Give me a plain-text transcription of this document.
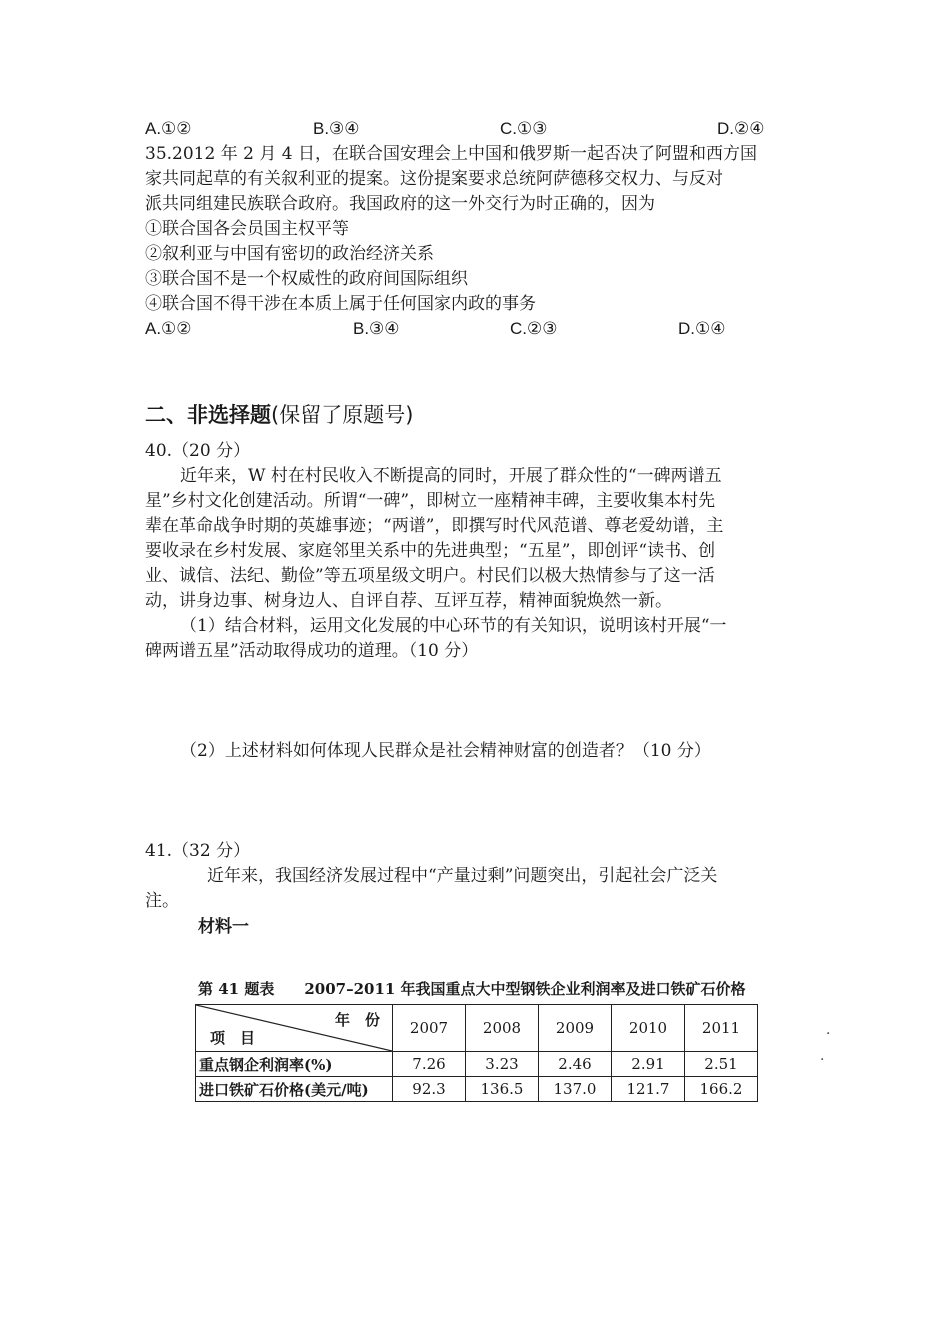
A.①②	B.③④	C.①③	D.②④
35.2012 年 2 月 4 日，在联合国安理会上中国和俄罗斯一起否决了阿盟和西方国
家共同起草的有关叙利亚的提案。这份提案要求总统阿萨德移交权力、与反对
派共同组建民族联合政府。我国政府的这一外交行为时正确的，因为
①联合国各会员国主权平等
②叙利亚与中国有密切的政治经济关系
③联合国不是一个权威性的政府间国际组织
④联合国不得干涉在本质上属于任何国家内政的事务
A.①②	B.③④	C.②③	D.①④
二、非选择题(保留了原题号)
40.（20 分）
近年来，W 村在村民收入不断提高的同时，开展了群众性的“一碑两谱五
星”乡村文化创建活动。所谓“一碑”，即树立一座精神丰碑，主要收集本村先
辈在革命战争时期的英雄事迹；“两谱”，即撰写时代风范谱、尊老爱幼谱，主
要收录在乡村发展、家庭邻里关系中的先进典型；“五星”，即创评“读书、创
业、诚信、法纪、勤俭”等五项星级文明户。村民们以极大热情参与了这一活
动，讲身边事、树身边人、自评自荐、互评互荐，精神面貌焕然一新。
（1）结合材料，运用文化发展的中心环节的有关知识，说明该村开展“一
碑两谱五星”活动取得成功的道理。（10 分）
（2）上述材料如何体现人民群众是社会精神财富的创造者？（10 分）
41.（32 分）
近年来，我国经济发展过程中“产量过剩”问题突出，引起社会广泛关
注。
材料一
第 41 题表 2007–2011 年我国重点大中型钢铁企业利润率及进口铁矿石价格
年　份
项　目	2007	2008	2009	2010	2011
重点钢企利润率(%)	7.26	3.23	2.46	2.91	2.51
进口铁矿石价格(美元/吨)	92.3	136.5	137.0	121.7	166.2
·
·
